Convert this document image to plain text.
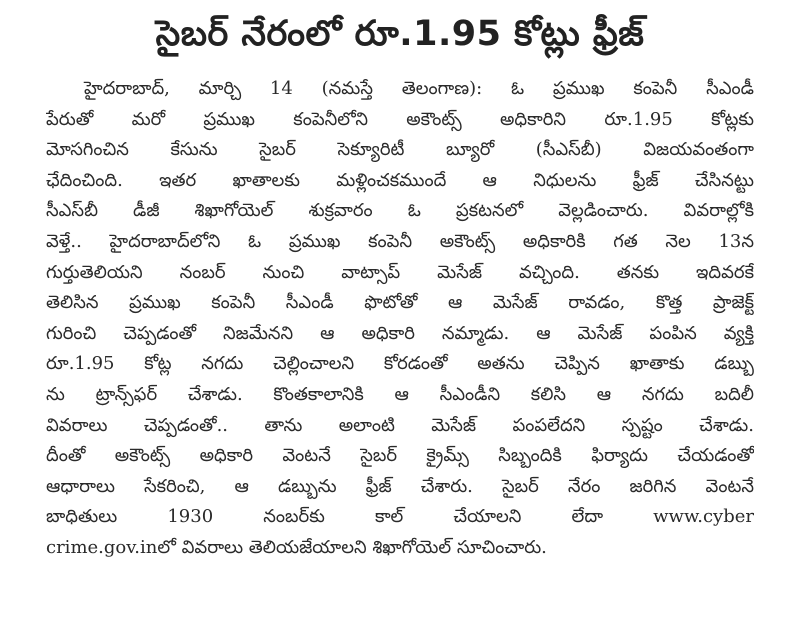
సైబర్ నేరంలో రూ.1.95 కోట్లు ఫ్రీజ్
హైదరాబాద్, మార్చి 14 (నమస్తే తెలంగాణ): ఓ ప్రముఖ కంపెనీ సీఎండీ
పేరుతో మరో ప్రముఖ కంపెనీలోని అకౌంట్స్ అధికారిని రూ.1.95 కోట్లకు
మోసగించిన కేసును సైబర్ సెక్యూరిటీ బ్యూరో (సీఎస్‌బీ) విజయవంతంగా
ఛేదించింది. ఇతర ఖాతాలకు మళ్లించకముందే ఆ నిధులను ఫ్రీజ్ చేసినట్టు
సీఎస్‌బీ డీజీ శిఖాగోయెల్ శుక్రవారం ఓ ప్రకటనలో వెల్లడించారు. వివరాల్లోకి
వెళ్తే.. హైదరాబాద్‌లోని ఓ ప్రముఖ కంపెనీ అకౌంట్స్ అధికారికి గత నెల 13న
గుర్తుతెలియని నంబర్ నుంచి వాట్సాప్ మెసేజ్ వచ్చింది. తనకు ఇదివరకే
తెలిసిన ప్రముఖ కంపెనీ సీఎండీ ఫొటోతో ఆ మెసేజ్ రావడం, కొత్త ప్రాజెక్ట్
గురించి చెప్పడంతో నిజమేనని ఆ అధికారి నమ్మాడు. ఆ మెసేజ్ పంపిన వ్యక్తి
రూ.1.95 కోట్ల నగదు చెల్లించాలని కోరడంతో అతను చెప్పిన ఖాతాకు డబ్బు
ను ట్రాన్స్‌ఫర్ చేశాడు. కొంతకాలానికి ఆ సీఎండీని కలిసి ఆ నగదు బదిలీ
వివరాలు చెప్పడంతో.. తాను అలాంటి మెసేజ్ పంపలేదని స్పష్టం చేశాడు.
దీంతో అకౌంట్స్ అధికారి వెంటనే సైబర్ క్రైమ్స్ సిబ్బందికి ఫిర్యాదు చేయడంతో
ఆధారాలు సేకరించి, ఆ డబ్బును ఫ్రీజ్ చేశారు. సైబర్ నేరం జరిగిన వెంటనే
బాధితులు 1930 నంబర్‌కు కాల్ చేయాలని లేదా www.cyber
crime.gov.inలో వివరాలు తెలియజేయాలని శిఖాగోయెల్ సూచించారు.
